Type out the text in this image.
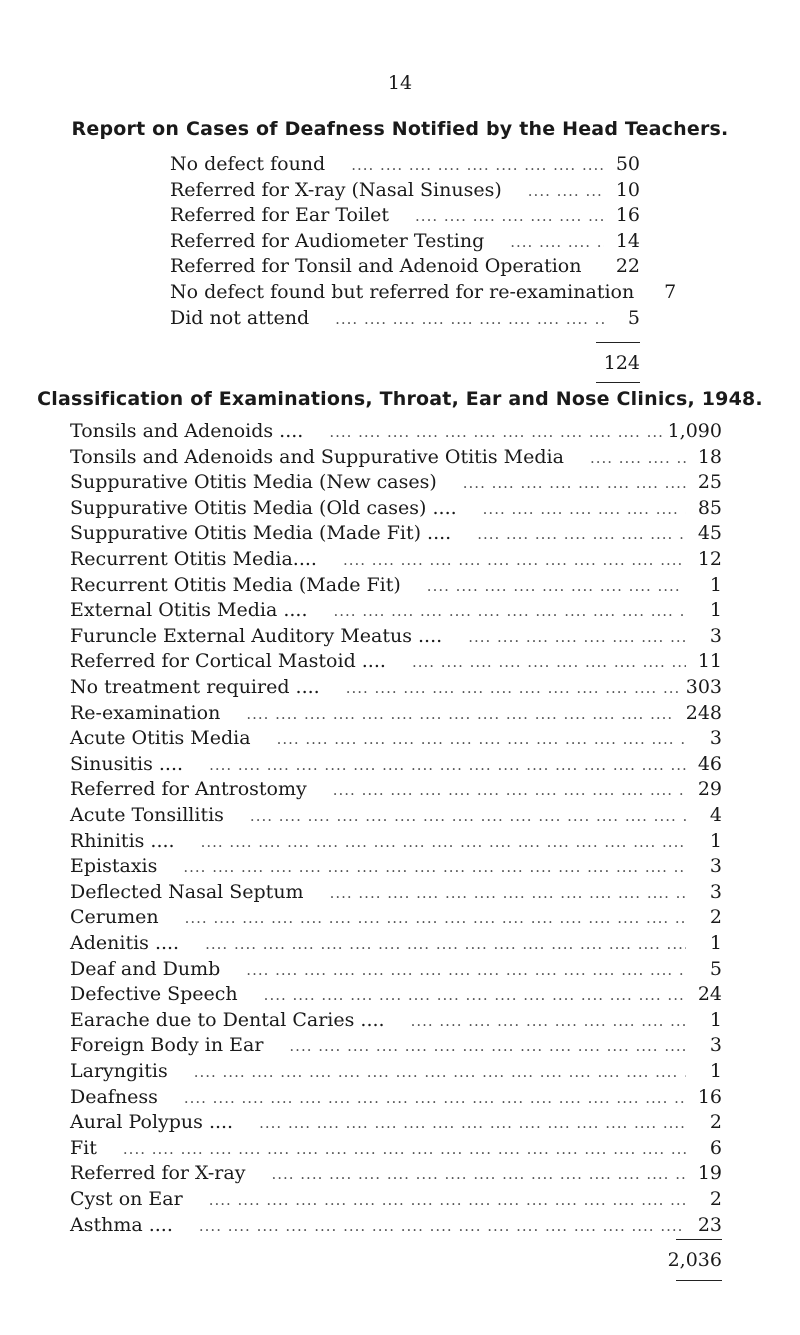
14
Report on Cases of Deafness Notified by the Head Teachers.
No defect found ....	50
Referred for X-ray (Nasal Sinuses) ....	10
Referred for Ear Toilet ....	16
Referred for Audiometer Testing ....	14
Referred for Tonsil and Adenoid Operation ....	22
No defect found but referred for re-examination	7
Did not attend ....	5
124
Classification of Examinations, Throat, Ear and Nose Clinics, 1948.
Tonsils and Adenoids .... ....	1,090
Tonsils and Adenoids and Suppurative Otitis Media ....	18
Suppurative Otitis Media (New cases) ....	25
Suppurative Otitis Media (Old cases) .... ....	85
Suppurative Otitis Media (Made Fit) .... ....	45
Recurrent Otitis Media.... ....	12
Recurrent Otitis Media (Made Fit) ....	1
External Otitis Media .... ....	1
Furuncle External Auditory Meatus .... ....	3
Referred for Cortical Mastoid .... ....	11
No treatment required .... ....	303
Re-examination ....	248
Acute Otitis Media ....	3
Sinusitis .... ....	46
Referred for Antrostomy ....	29
Acute Tonsillitis ....	4
Rhinitis .... ....	1
Epistaxis ....	3
Deflected Nasal Septum ....	3
Cerumen ....	2
Adenitis .... ....	1
Deaf and Dumb ....	5
Defective Speech ....	24
Earache due to Dental Caries .... ....	1
Foreign Body in Ear ....	3
Laryngitis ....	1
Deafness ....	16
Aural Polypus .... ....	2
Fit ....	6
Referred for X-ray ....	19
Cyst on Ear ....	2
Asthma .... ....	23
2,036
